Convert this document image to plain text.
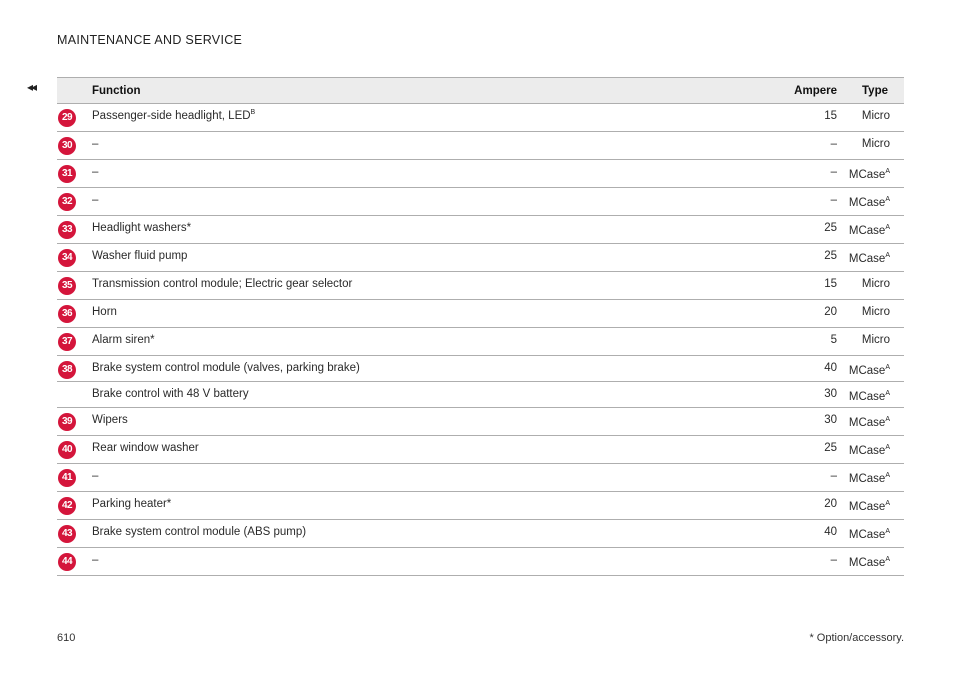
MAINTENANCE AND SERVICE
◂◂	Function	Ampere Type
29	Passenger-side headlight, $LED^B$	15 Micro
30	–	– Micro
31	–	– MCase$^A$
32	–	– MCase$^A$
33	Headlight washers*	25 MCase$^A$
34	Washer fluid pump	25 MCase$^A$
35	Transmission control module; Electric gear selector	15 Micro
36	Horn	20 Micro
37	Alarm siren*	5 Micro
38	Brake system control module (valves, parking brake)	40 MCase$^A$
Brake control with 48 V battery	30 MCase$^A$
39	Wipers	30 MCase$^A$
40	Rear window washer	25 MCase$^A$
41	–	– MCase$^A$
42	Parking heater*	20 MCase$^A$
43	Brake system control module (ABS pump)	40 MCase$^A$
44	–	– MCase$^A$
610	* Option/accessory.
